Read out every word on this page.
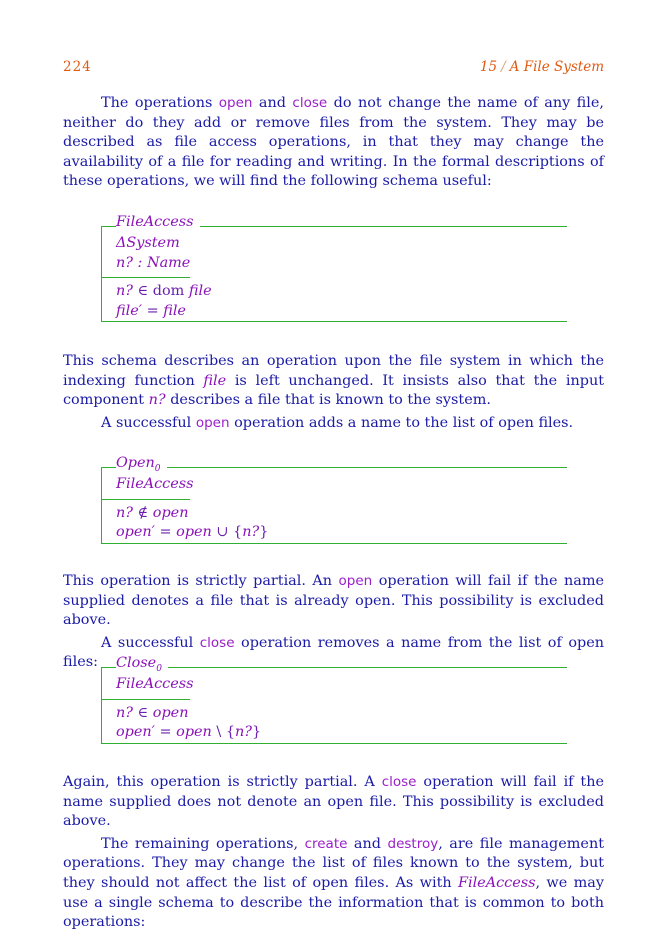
224	15 / A File System

The operations open and close do not change the name of any file, neither do they add or remove files from the system. They may be described as file access operations, in that they may change the availability of a file for reading and writing. In the formal descriptions of these operations, we will find the following schema useful:

FileAccess
ΔSystem
n? : Name
n? ∈ dom file
file′ = file

This schema describes an operation upon the file system in which the indexing function file is left unchanged. It insists also that the input component n? describes a file that is known to the system.

A successful open operation adds a name to the list of open files.

Open$_0$
FileAccess
n? ∉ open
open′ = open ∪ {n?}

This operation is strictly partial. An open operation will fail if the name supplied denotes a file that is already open. This possibility is excluded above.

A successful close operation removes a name from the list of open files:	Close$_0$
FileAccess
n? ∈ open
open′ = open \ {n?}

Again, this operation is strictly partial. A close operation will fail if the name supplied does not denote an open file. This possibility is excluded above.

The remaining operations, create and destroy, are file management operations. They may change the list of files known to the system, but they should not affect the list of open files. As with FileAccess, we may use a single schema to describe the information that is common to both operations:
